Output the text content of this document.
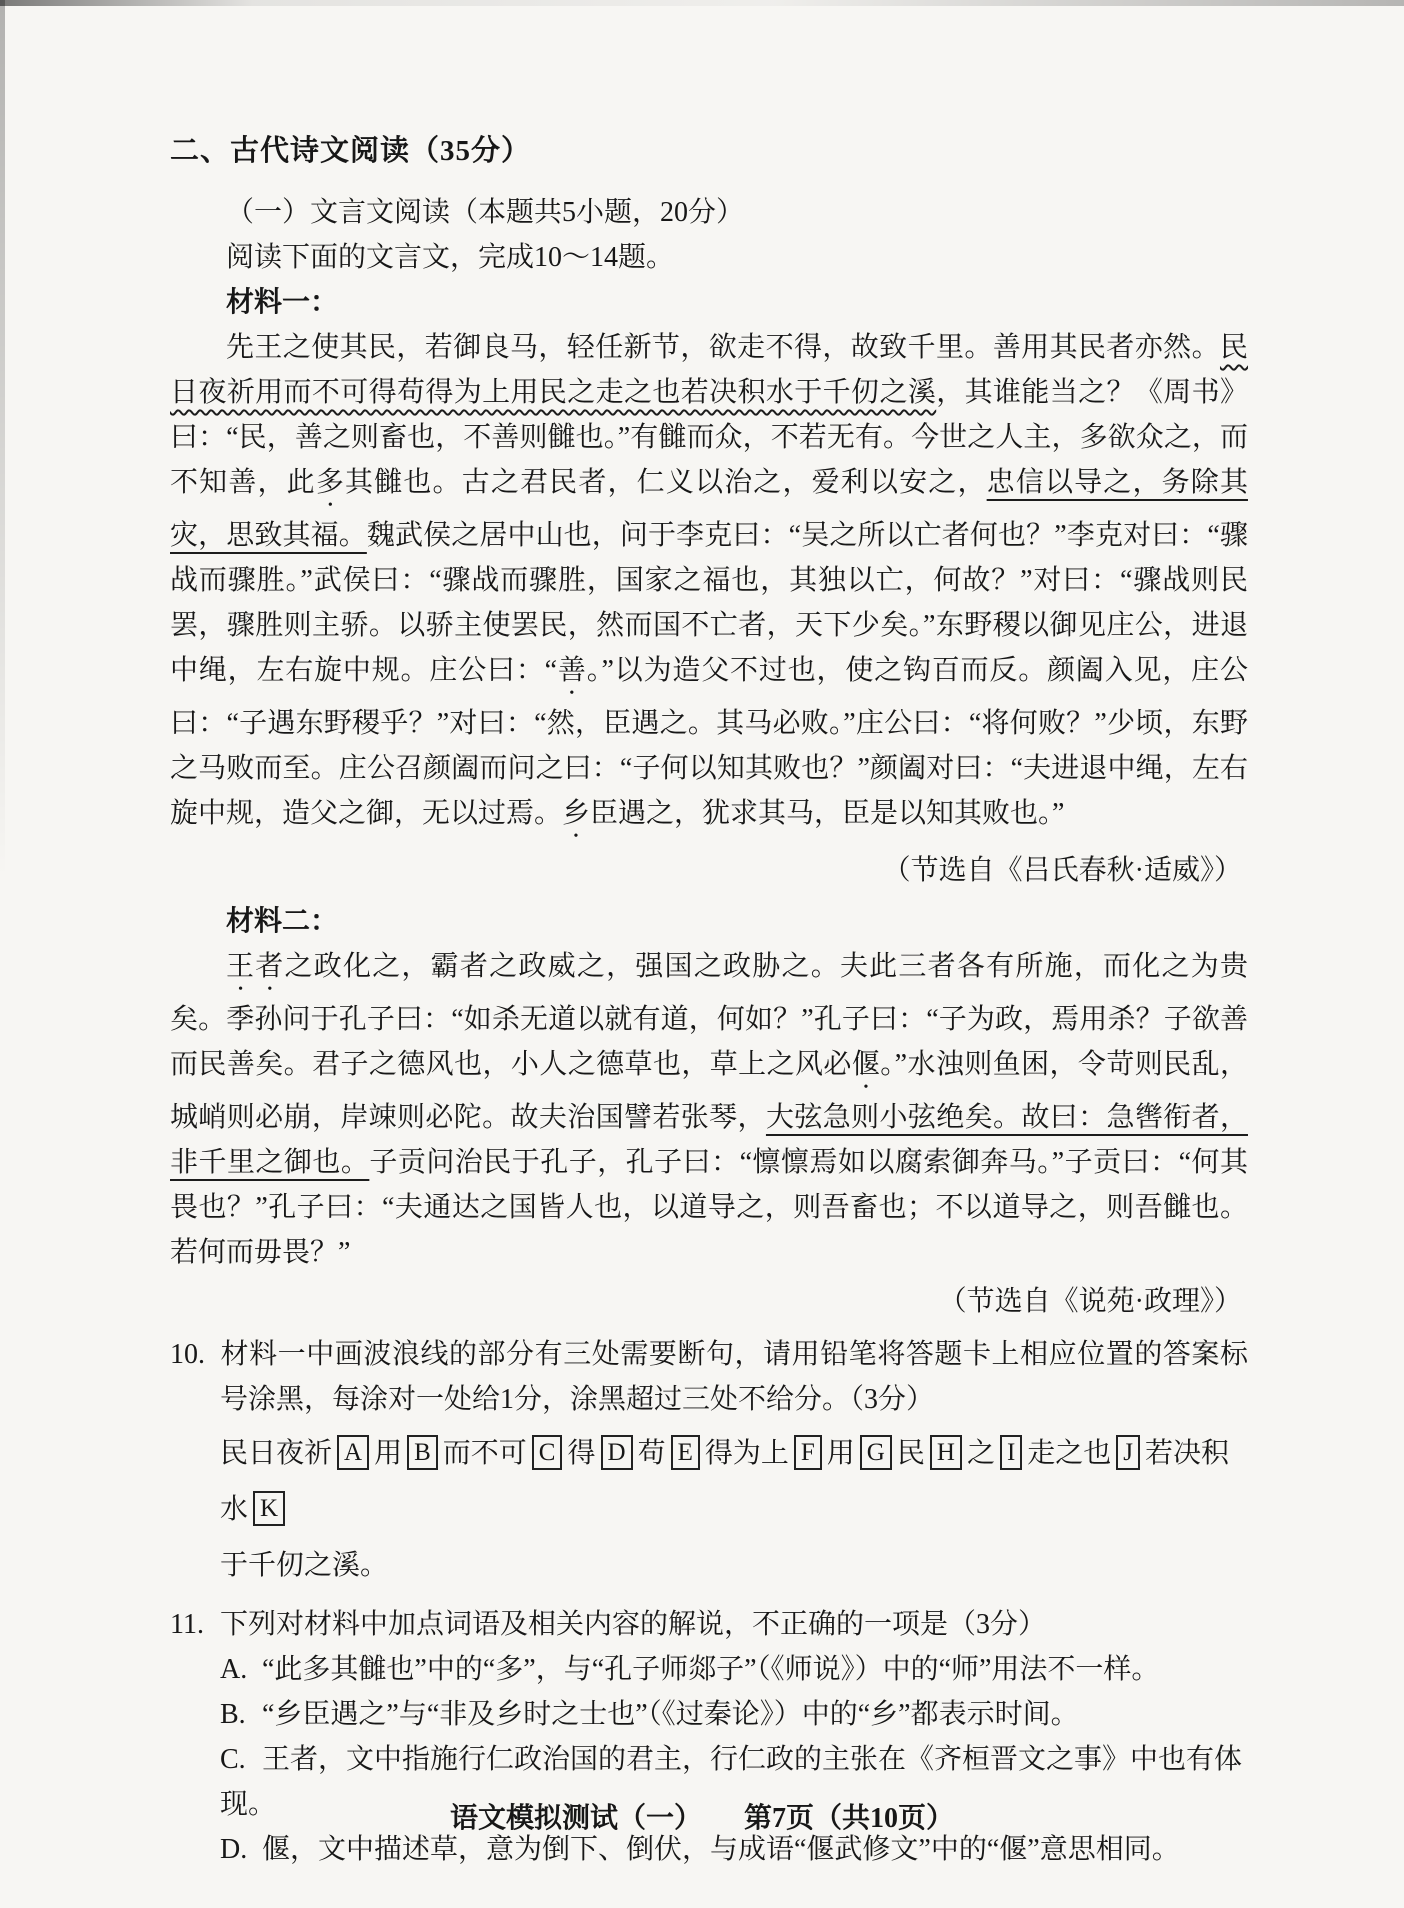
二、古代诗文阅读（35分）

（一）文言文阅读（本题共5小题，20分）

阅读下面的文言文，完成10～14题。

材料一：

先王之使其民，若御良马，轻任新节，欲走不得，故致千里。善用其民者亦然。民日夜祈用而不可得苟得为上用民之走之也若决积水于千仞之溪，其谁能当之？《周书》曰：“民，善之则畜也，不善则雠也。”有雠而众，不若无有。今世之人主，多欲众之，而不知善，此多其雠也。古之君民者，仁义以治之，爱利以安之，忠信以导之，务除其灾，思致其福。魏武侯之居中山也，问于李克曰：“吴之所以亡者何也？”李克对曰：“骤战而骤胜。”武侯曰：“骤战而骤胜，国家之福也，其独以亡，何故？”对曰：“骤战则民罢，骤胜则主骄。以骄主使罢民，然而国不亡者，天下少矣。”东野稷以御见庄公，进退中绳，左右旋中规。庄公曰：“善。”以为造父不过也，使之钩百而反。颜阖入见，庄公曰：“子遇东野稷乎？”对曰：“然，臣遇之。其马必败。”庄公曰：“将何败？”少顷，东野之马败而至。庄公召颜阖而问之曰：“子何以知其败也？”颜阖对曰：“夫进退中绳，左右旋中规，造父之御，无以过焉。乡臣遇之，犹求其马，臣是以知其败也。”

（节选自《吕氏春秋·适威》）

材料二：

王者之政化之，霸者之政威之，强国之政胁之。夫此三者各有所施，而化之为贵矣。季孙问于孔子曰：“如杀无道以就有道，何如？”孔子曰：“子为政，焉用杀？子欲善而民善矣。君子之德风也，小人之德草也，草上之风必偃。”水浊则鱼困，令苛则民乱，城峭则必崩，岸竦则必陀。故夫治国譬若张琴，大弦急则小弦绝矣。故曰：急辔衔者，非千里之御也。子贡问治民于孔子，孔子曰：“懔懔焉如以腐索御奔马。”子贡曰：“何其畏也？”孔子曰：“夫通达之国皆人也，以道导之，则吾畜也；不以道导之，则吾雠也。若何而毋畏？”

（节选自《说苑·政理》）

10. 材料一中画波浪线的部分有三处需要断句，请用铅笔将答题卡上相应位置的答案标号涂黑，每涂对一处给1分，涂黑超过三处不给分。（3分）

民日夜祈 A 用 B 而不可 C 得 D 苟 E 得为上 F 用 G 民 H 之 I 走之也 J 若决积水 K
于千仞之溪。

11. 下列对材料中加点词语及相关内容的解说，不正确的一项是（3分）

A. “此多其雠也”中的“多”，与“孔子师郯子”（《师说》）中的“师”用法不一样。

B. “乡臣遇之”与“非及乡时之士也”（《过秦论》）中的“乡”都表示时间。

C. 王者，文中指施行仁政治国的君主，行仁政的主张在《齐桓晋文之事》中也有体现。

D. 偃，文中描述草，意为倒下、倒伏，与成语“偃武修文”中的“偃”意思相同。

语文模拟测试（一）　　第7页（共10页）
